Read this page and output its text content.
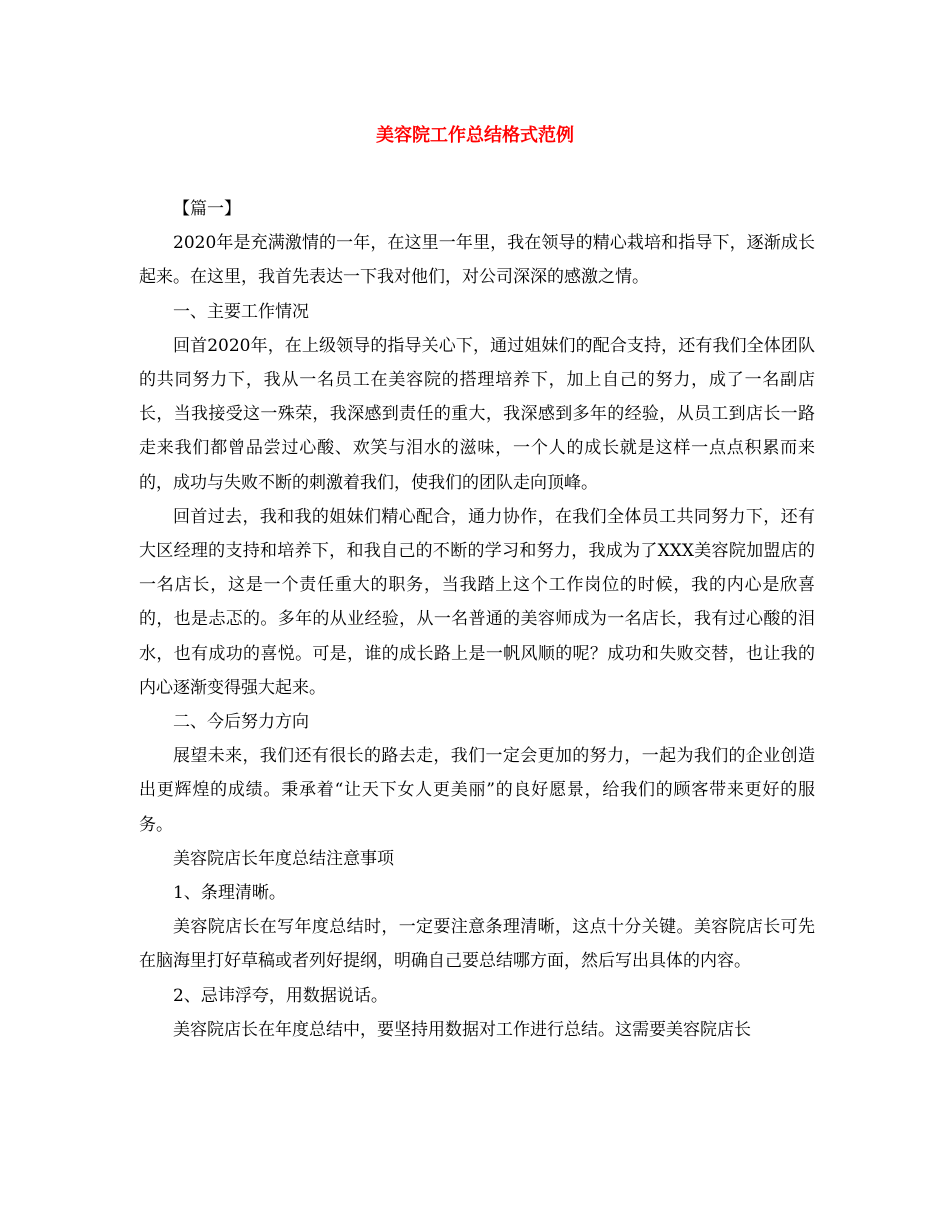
美容院工作总结格式范例

【篇一】

2020年是充满激情的一年，在这里一年里，我在领导的精心栽培和指导下，逐渐成长起来。在这里，我首先表达一下我对他们，对公司深深的感激之情。

一、主要工作情况

回首2020年，在上级领导的指导关心下，通过姐妹们的配合支持，还有我们全体团队的共同努力下，我从一名员工在美容院的搭理培养下，加上自己的努力，成了一名副店长，当我接受这一殊荣，我深感到责任的重大，我深感到多年的经验，从员工到店长一路走来我们都曾品尝过心酸、欢笑与泪水的滋味，一个人的成长就是这样一点点积累而来的，成功与失败不断的刺激着我们，使我们的团队走向顶峰。

回首过去，我和我的姐妹们精心配合，通力协作，在我们全体员工共同努力下，还有大区经理的支持和培养下，和我自己的不断的学习和努力，我成为了XXX美容院加盟店的一名店长，这是一个责任重大的职务，当我踏上这个工作岗位的时候，我的内心是欣喜的，也是忐忑的。多年的从业经验，从一名普通的美容师成为一名店长，我有过心酸的泪水，也有成功的喜悦。可是，谁的成长路上是一帆风顺的呢？成功和失败交替，也让我的内心逐渐变得强大起来。

二、今后努力方向

展望未来，我们还有很长的路去走，我们一定会更加的努力，一起为我们的企业创造出更辉煌的成绩。秉承着“让天下女人更美丽”的良好愿景，给我们的顾客带来更好的服务。

美容院店长年度总结注意事项

1、条理清晰。

美容院店长在写年度总结时，一定要注意条理清晰，这点十分关键。美容院店长可先在脑海里打好草稿或者列好提纲，明确自己要总结哪方面，然后写出具体的内容。

2、忌讳浮夸，用数据说话。

美容院店长在年度总结中，要坚持用数据对工作进行总结。这需要美容院店长
